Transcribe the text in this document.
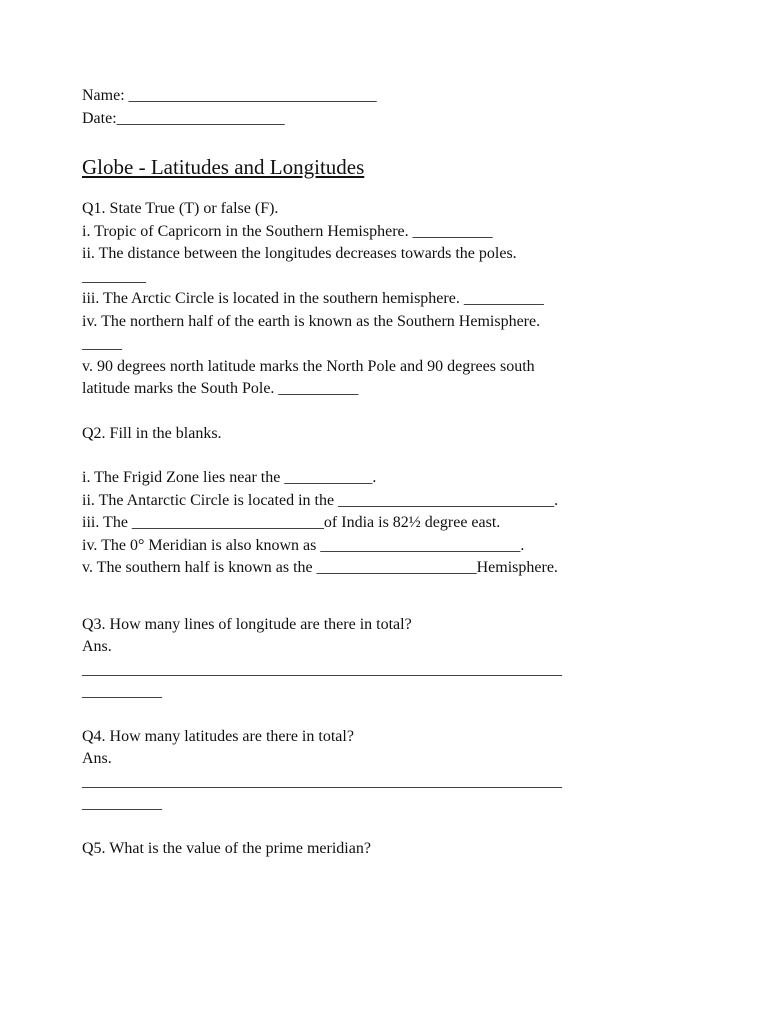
Name: _______________________________
Date:_____________________
Globe - Latitudes and Longitudes
Q1. State True (T) or false (F).
i. Tropic of Capricorn in the Southern Hemisphere. __________
ii. The distance between the longitudes decreases towards the poles.
________
iii. The Arctic Circle is located in the southern hemisphere. __________
iv. The northern half of the earth is known as the Southern Hemisphere.
_____
v. 90 degrees north latitude marks the North Pole and 90 degrees south
latitude marks the South Pole. __________
Q2. Fill in the blanks.
i. The Frigid Zone lies near the ___________.
ii. The Antarctic Circle is located in the ___________________________.
iii. The ________________________of India is 82½ degree east.
iv. The 0° Meridian is also known as _________________________.
v. The southern half is known as the ____________________Hemisphere.
Q3. How many lines of longitude are there in total?
Ans.
____________________________________________________________
__________
Q4. How many latitudes are there in total?
Ans.
____________________________________________________________
__________
Q5. What is the value of the prime meridian?
